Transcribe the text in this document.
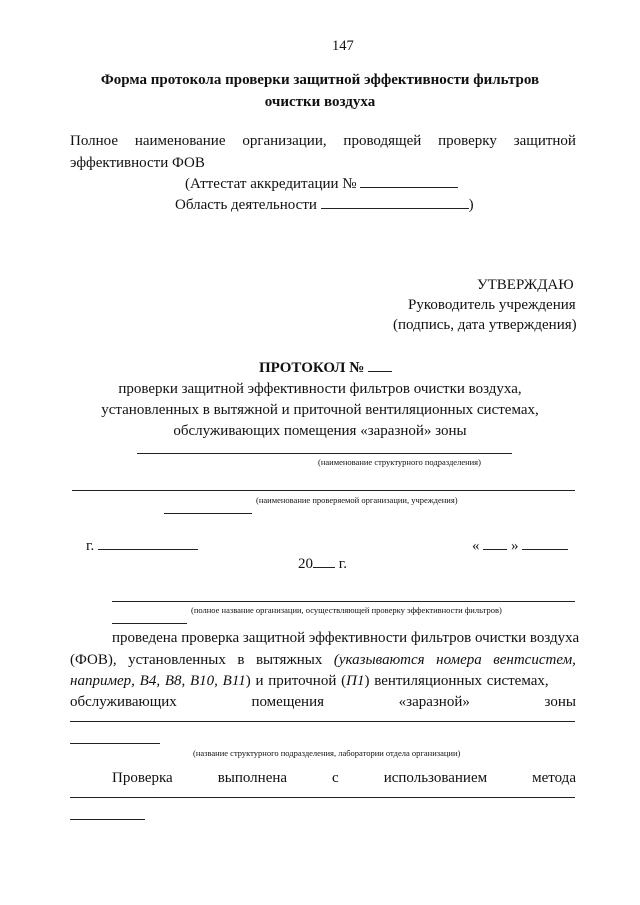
147
Форма протокола проверки защитной эффективности фильтров
очистки воздуха
Полное наименование организации, проводящей проверку защитной
эффективности ФОВ
(Аттестат аккредитации №
Область деятельности	)
УТВЕРЖДАЮ
Руководитель учреждения
(подпись, дата утверждения)
ПРОТОКОЛ №
проверки защитной эффективности фильтров очистки воздуха,
установленных в вытяжной и приточной вентиляционных системах,
обслуживающих помещения «заразной» зоны
(наименование структурного подразделения)
(наименование проверяемой организации, учреждения)
г.	« »
20 г.
(полное название организации, осуществляющей проверку эффективности фильтров)
проведена проверка защитной эффективности фильтров очистки воздуха
(ФОВ), установленных в вытяжных (указываются номера вентсистем,
например, В4, В8, В10, В11) и приточной (П1) вентиляционных системах,
обслуживающих	помещения	«заразной»	зоны
(название структурного подразделения, лаборатории отдела организации)
Проверка	выполнена	с	использованием	метода
